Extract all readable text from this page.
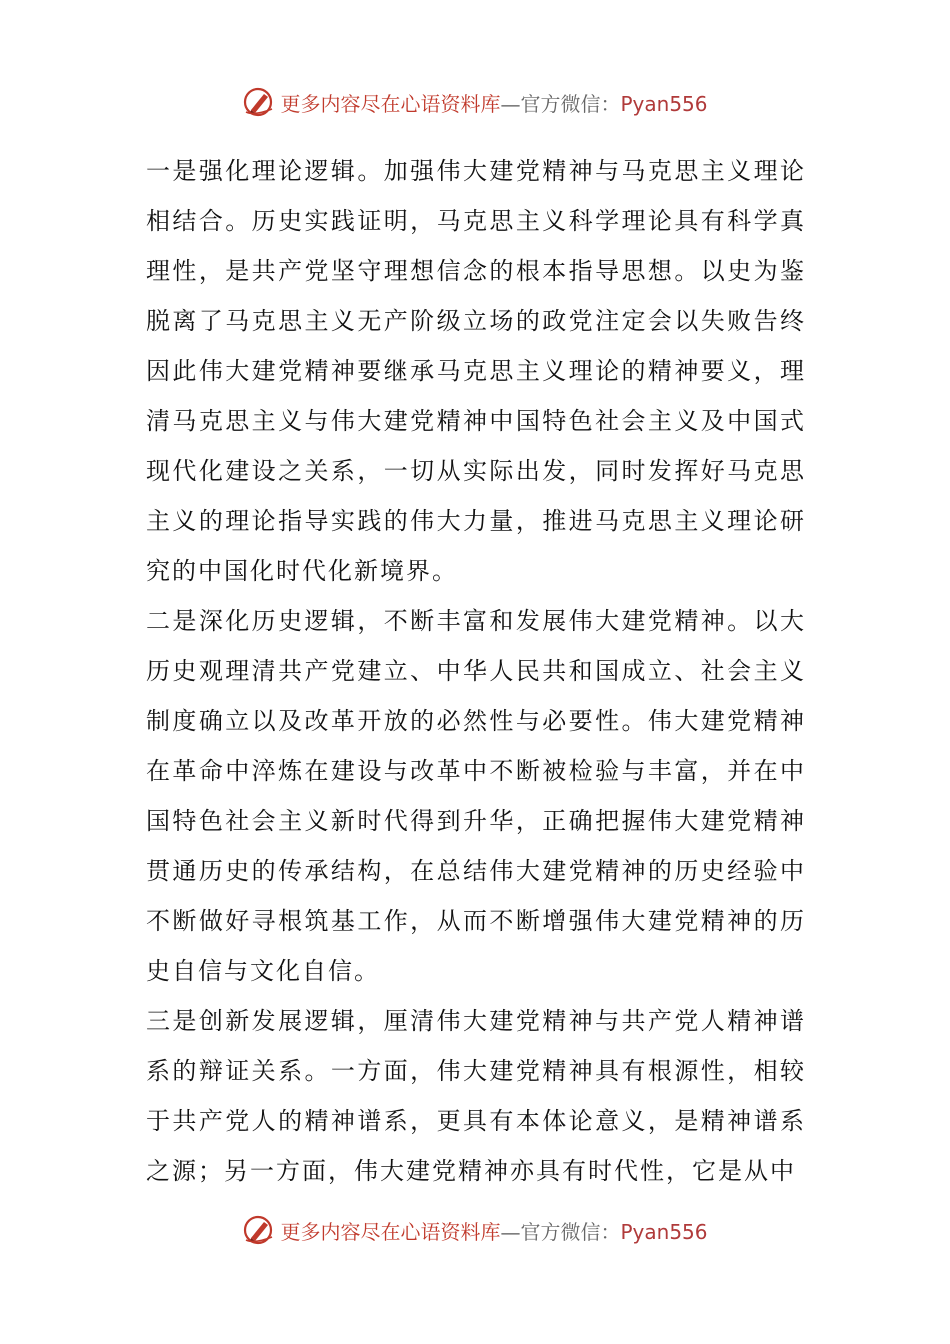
更多内容尽在心语资料库—官方微信：Pyan556

一是强化理论逻辑。加强伟大建党精神与马克思主义理论相结合。历史实践证明，马克思主义科学理论具有科学真理性，是共产党坚守理想信念的根本指导思想。以史为鉴脱离了马克思主义无产阶级立场的政党注定会以失败告终因此伟大建党精神要继承马克思主义理论的精神要义，理清马克思主义与伟大建党精神中国特色社会主义及中国式现代化建设之关系，一切从实际出发，同时发挥好马克思主义的理论指导实践的伟大力量，推进马克思主义理论研究的中国化时代化新境界。

二是深化历史逻辑，不断丰富和发展伟大建党精神。以大历史观理清共产党建立、中华人民共和国成立、社会主义制度确立以及改革开放的必然性与必要性。伟大建党精神在革命中淬炼在建设与改革中不断被检验与丰富，并在中国特色社会主义新时代得到升华，正确把握伟大建党精神贯通历史的传承结构，在总结伟大建党精神的历史经验中不断做好寻根筑基工作，从而不断增强伟大建党精神的历史自信与文化自信。

三是创新发展逻辑，厘清伟大建党精神与共产党人精神谱系的辩证关系。一方面，伟大建党精神具有根源性，相较于共产党人的精神谱系，更具有本体论意义，是精神谱系之源；另一方面，伟大建党精神亦具有时代性，它是从中

更多内容尽在心语资料库—官方微信：Pyan556
